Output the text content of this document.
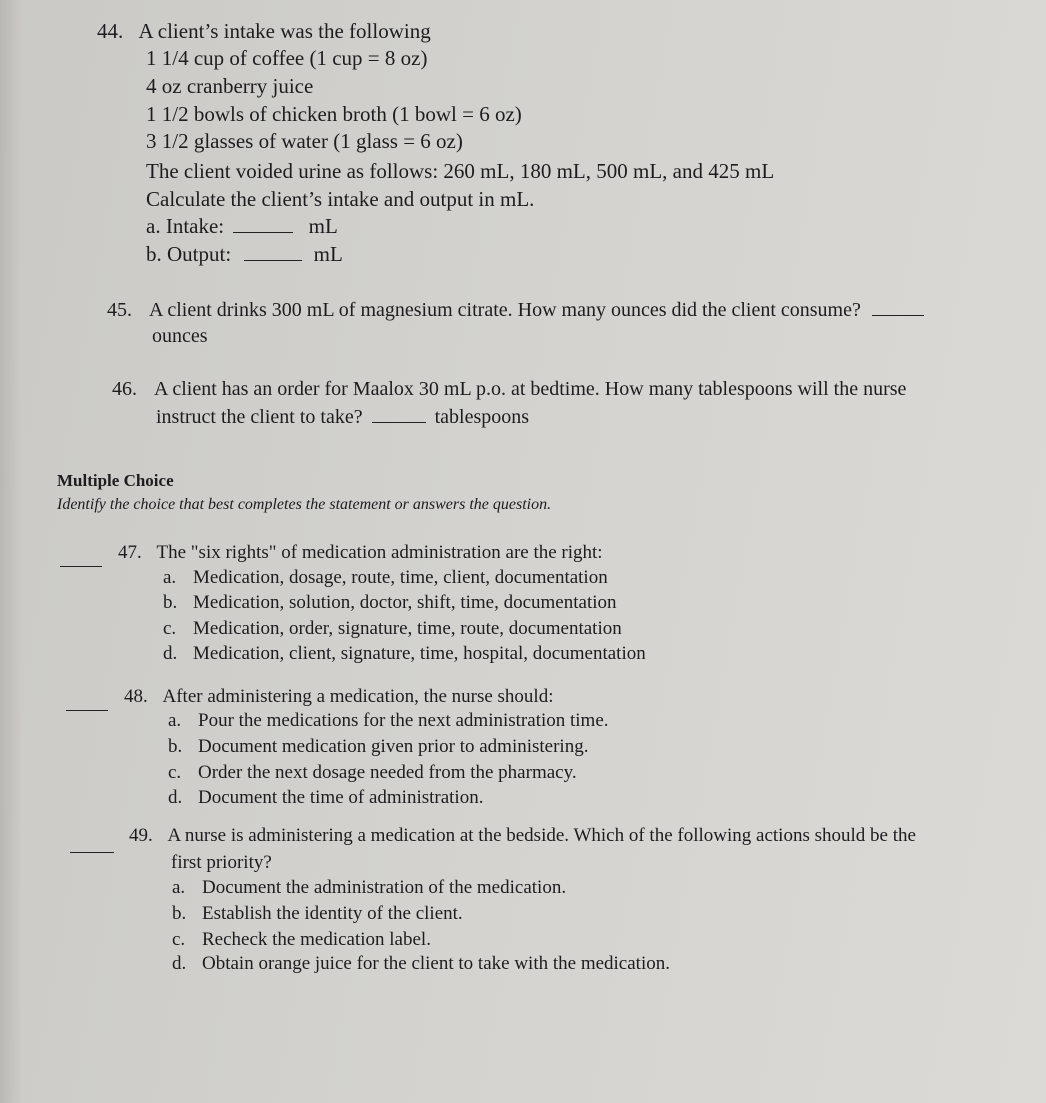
44. A client’s intake was the following
1 1/4 cup of coffee (1 cup = 8 oz)
4 oz cranberry juice
1 1/2 bowls of chicken broth (1 bowl = 6 oz)
3 1/2 glasses of water (1 glass = 6 oz)
The client voided urine as follows: 260 mL, 180 mL, 500 mL, and 425 mL
Calculate the client’s intake and output in mL.
a. Intake:	mL
b. Output:	mL
45. A client drinks 300 mL of magnesium citrate. How many ounces did the client consume?
ounces
46. A client has an order for Maalox 30 mL p.o. at bedtime. How many tablespoons will the nurse
instruct the client to take?	tablespoons
Multiple Choice
Identify the choice that best completes the statement or answers the question.
47. The "six rights" of medication administration are the right:
a. Medication, dosage, route, time, client, documentation
b. Medication, solution, doctor, shift, time, documentation
c. Medication, order, signature, time, route, documentation
d. Medication, client, signature, time, hospital, documentation
48. After administering a medication, the nurse should:
a. Pour the medications for the next administration time.
b. Document medication given prior to administering.
c. Order the next dosage needed from the pharmacy.
d. Document the time of administration.
49. A nurse is administering a medication at the bedside. Which of the following actions should be the
first priority?
a. Document the administration of the medication.
b. Establish the identity of the client.
c. Recheck the medication label.
d. Obtain orange juice for the client to take with the medication.
